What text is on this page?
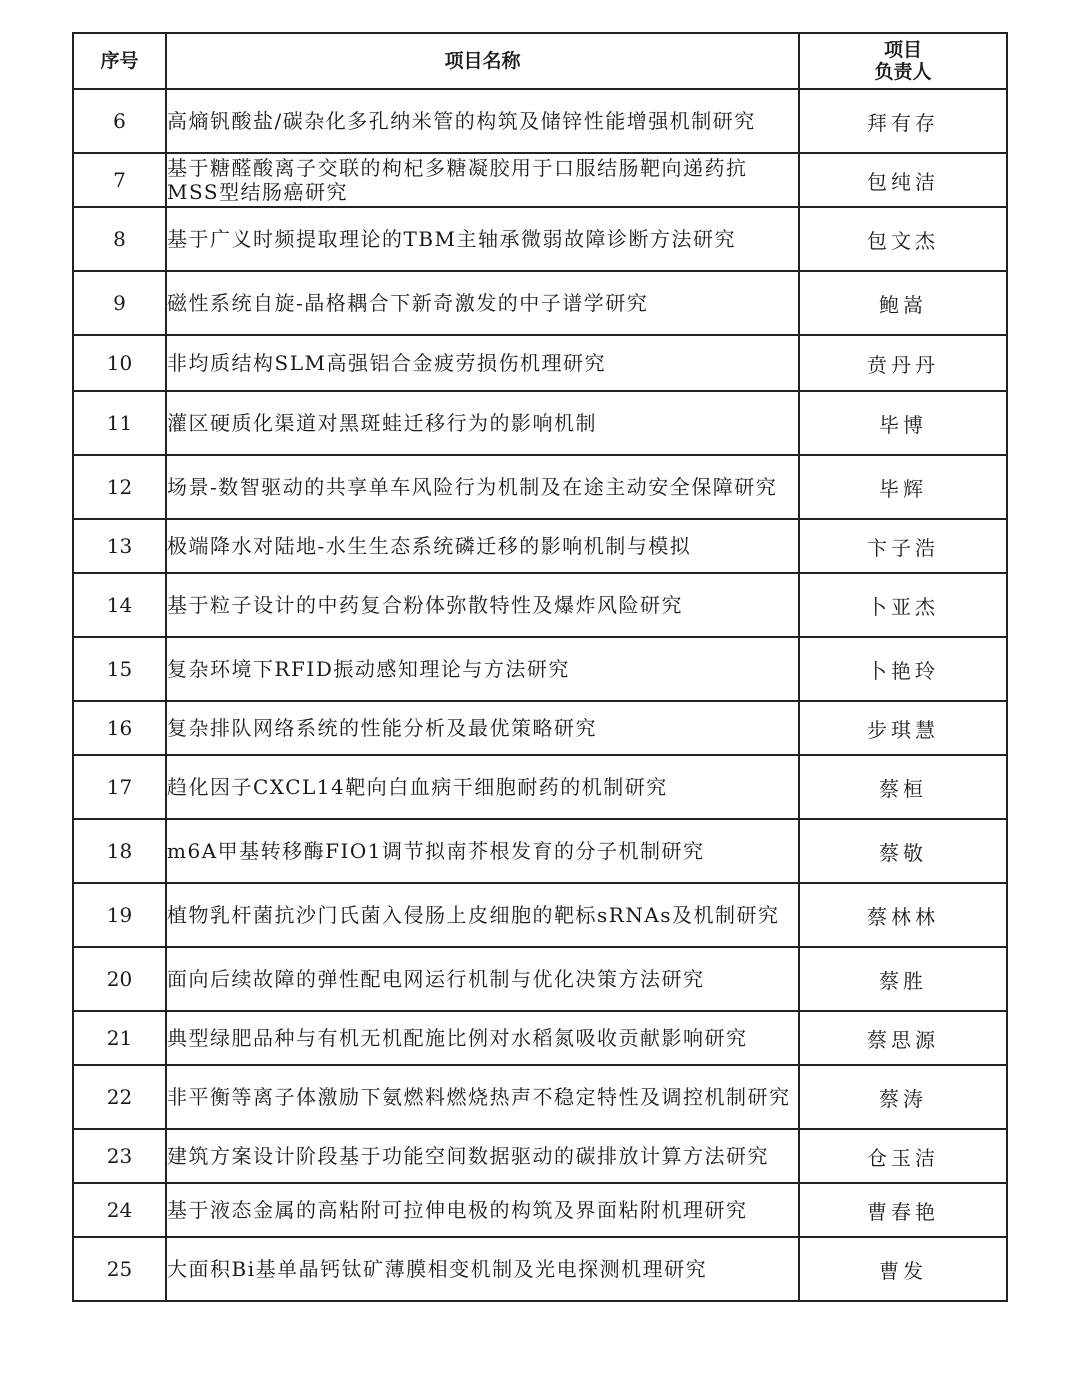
序号	项目名称	项目
负责人

6	高熵钒酸盐/碳杂化多孔纳米管的构筑及储锌性能增强机制研究	拜有存
7	基于糖醛酸离子交联的枸杞多糖凝胶用于口服结肠靶向递药抗MSS型结肠癌研究	包纯洁
8	基于广义时频提取理论的TBM主轴承微弱故障诊断方法研究	包文杰
9	磁性系统自旋-晶格耦合下新奇激发的中子谱学研究	鲍嵩
10	非均质结构SLM高强铝合金疲劳损伤机理研究	贲丹丹
11	灌区硬质化渠道对黑斑蛙迁移行为的影响机制	毕博
12	场景-数智驱动的共享单车风险行为机制及在途主动安全保障研究	毕辉
13	极端降水对陆地-水生生态系统磷迁移的影响机制与模拟	卞子浩
14	基于粒子设计的中药复合粉体弥散特性及爆炸风险研究	卜亚杰
15	复杂环境下RFID振动感知理论与方法研究	卜艳玲
16	复杂排队网络系统的性能分析及最优策略研究	步琪慧
17	趋化因子CXCL14靶向白血病干细胞耐药的机制研究	蔡桓
18	m6A甲基转移酶FIO1调节拟南芥根发育的分子机制研究	蔡敬
19	植物乳杆菌抗沙门氏菌入侵肠上皮细胞的靶标sRNAs及机制研究	蔡林林
20	面向后续故障的弹性配电网运行机制与优化决策方法研究	蔡胜
21	典型绿肥品种与有机无机配施比例对水稻氮吸收贡献影响研究	蔡思源
22	非平衡等离子体激励下氨燃料燃烧热声不稳定特性及调控机制研究	蔡涛
23	建筑方案设计阶段基于功能空间数据驱动的碳排放计算方法研究	仓玉洁
24	基于液态金属的高粘附可拉伸电极的构筑及界面粘附机理研究	曹春艳
25	大面积Bi基单晶钙钛矿薄膜相变机制及光电探测机理研究	曹发
